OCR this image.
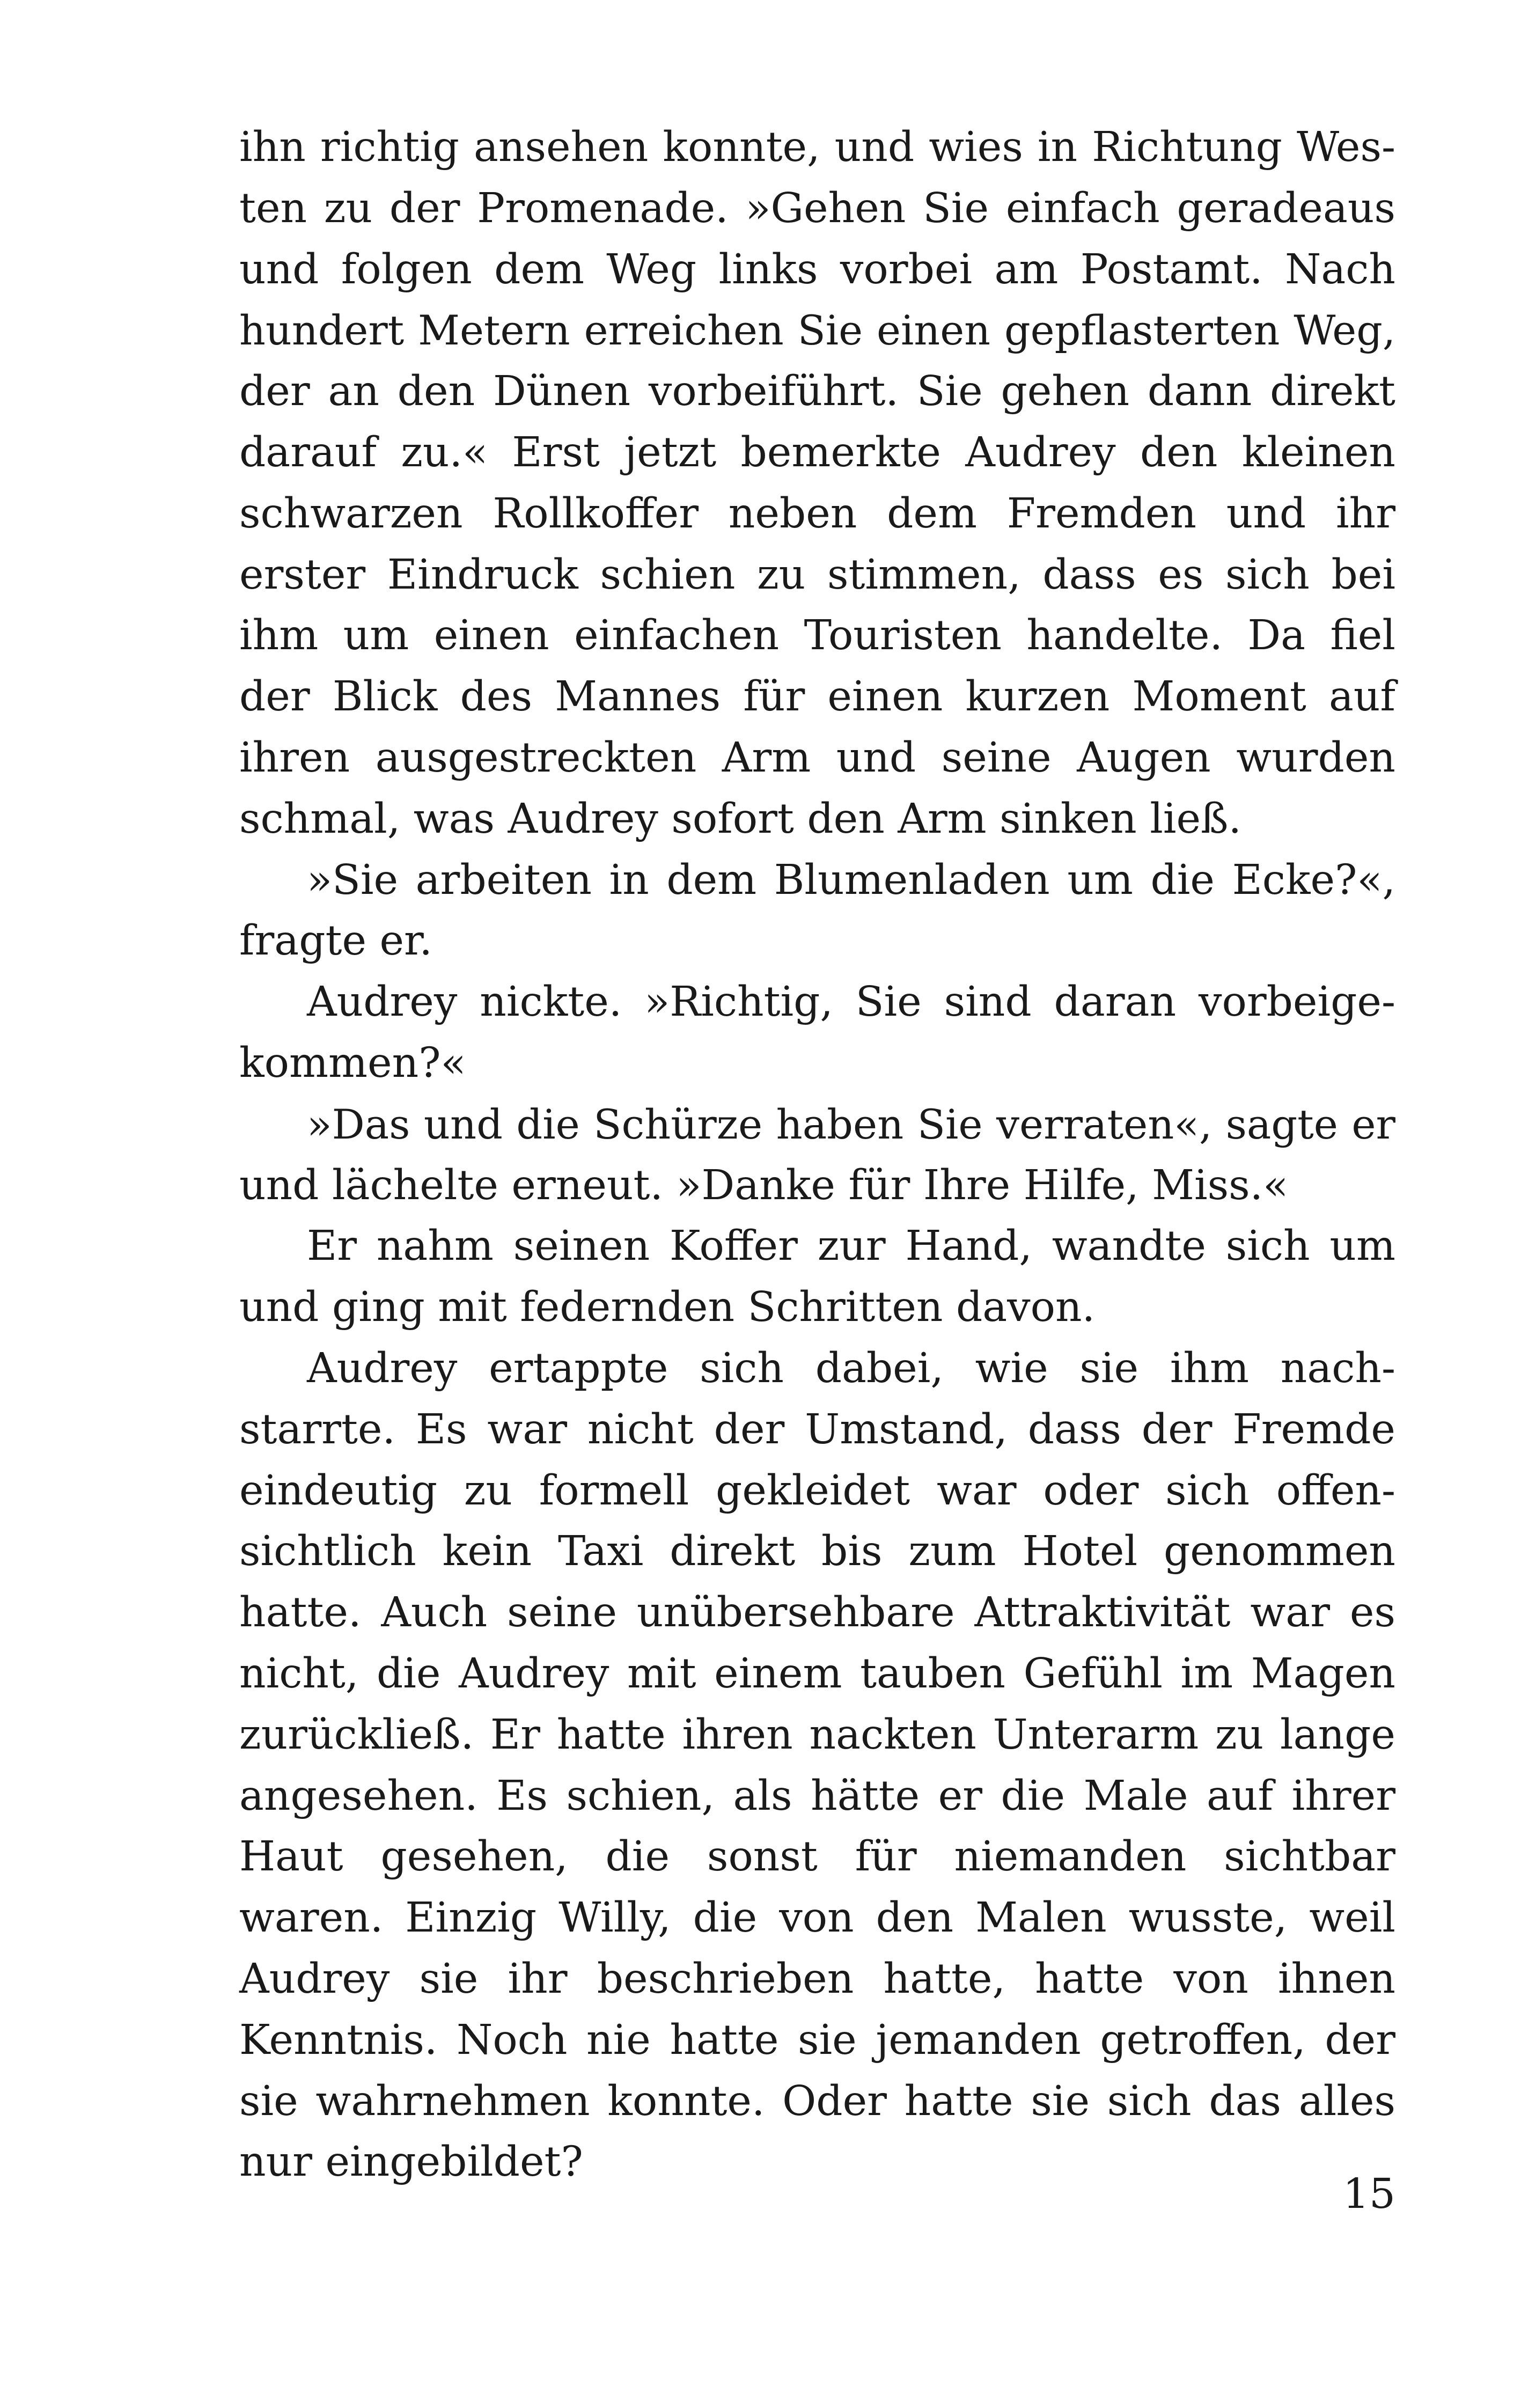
ihn richtig ansehen konnte, und wies in Richtung Wes-
ten zu der Promenade. »Gehen Sie einfach geradeaus
und folgen dem Weg links vorbei am Postamt. Nach
hundert Metern erreichen Sie einen gepflasterten Weg,
der an den Dünen vorbeiführt. Sie gehen dann direkt
darauf zu.« Erst jetzt bemerkte Audrey den kleinen
schwarzen Rollkoffer neben dem Fremden und ihr
erster Eindruck schien zu stimmen, dass es sich bei
ihm um einen einfachen Touristen handelte. Da fiel
der Blick des Mannes für einen kurzen Moment auf
ihren ausgestreckten Arm und seine Augen wurden
schmal, was Audrey sofort den Arm sinken ließ.
»Sie arbeiten in dem Blumenladen um die Ecke?«,
fragte er.
Audrey nickte. »Richtig, Sie sind daran vorbeige-
kommen?«
»Das und die Schürze haben Sie verraten«, sagte er
und lächelte erneut. »Danke für Ihre Hilfe, Miss.«
Er nahm seinen Koffer zur Hand, wandte sich um
und ging mit federnden Schritten davon.
Audrey ertappte sich dabei, wie sie ihm nach-
starrte. Es war nicht der Umstand, dass der Fremde
eindeutig zu formell gekleidet war oder sich offen-
sichtlich kein Taxi direkt bis zum Hotel genommen
hatte. Auch seine unübersehbare Attraktivität war es
nicht, die Audrey mit einem tauben Gefühl im Magen
zurückließ. Er hatte ihren nackten Unterarm zu lange
angesehen. Es schien, als hätte er die Male auf ihrer
Haut gesehen, die sonst für niemanden sichtbar
waren. Einzig Willy, die von den Malen wusste, weil
Audrey sie ihr beschrieben hatte, hatte von ihnen
Kenntnis. Noch nie hatte sie jemanden getroffen, der
sie wahrnehmen konnte. Oder hatte sie sich das alles
nur eingebildet?
15
